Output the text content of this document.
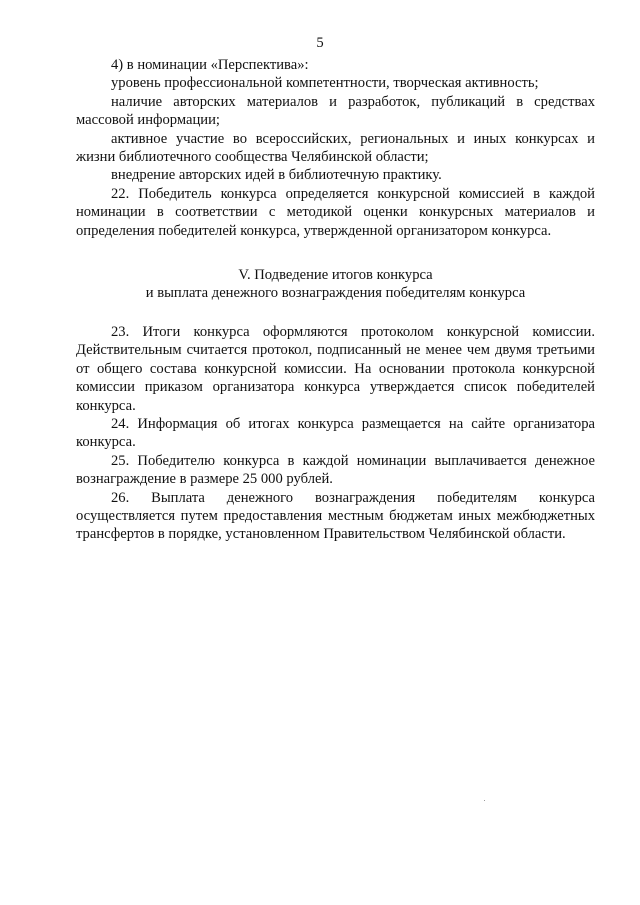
5

4) в номинации «Перспектива»:

уровень профессиональной компетентности, творческая активность;

наличие авторских материалов и разработок, публикаций в средствах массовой информации;

активное участие во всероссийских, региональных и иных конкурсах и жизни библиотечного сообщества Челябинской области;

внедрение авторских идей в библиотечную практику.

22. Победитель конкурса определяется конкурсной комиссией в каждой номинации в соответствии с методикой оценки конкурсных материалов и определения победителей конкурса, утвержденной организатором конкурса.

V. Подведение итогов конкурса
и выплата денежного вознаграждения победителям конкурса

23. Итоги конкурса оформляются протоколом конкурсной комиссии. Действительным считается протокол, подписанный не менее чем двумя третьими от общего состава конкурсной комиссии. На основании протокола конкурсной комиссии приказом организатора конкурса утверждается список победителей конкурса.

24. Информация об итогах конкурса размещается на сайте организатора конкурса.

25. Победителю конкурса в каждой номинации выплачивается денежное вознаграждение в размере 25 000 рублей.

26. Выплата денежного вознаграждения победителям конкурса осуществляется путем предоставления местным бюджетам иных межбюджетных трансфертов в порядке, установленном Правительством Челябинской области.
